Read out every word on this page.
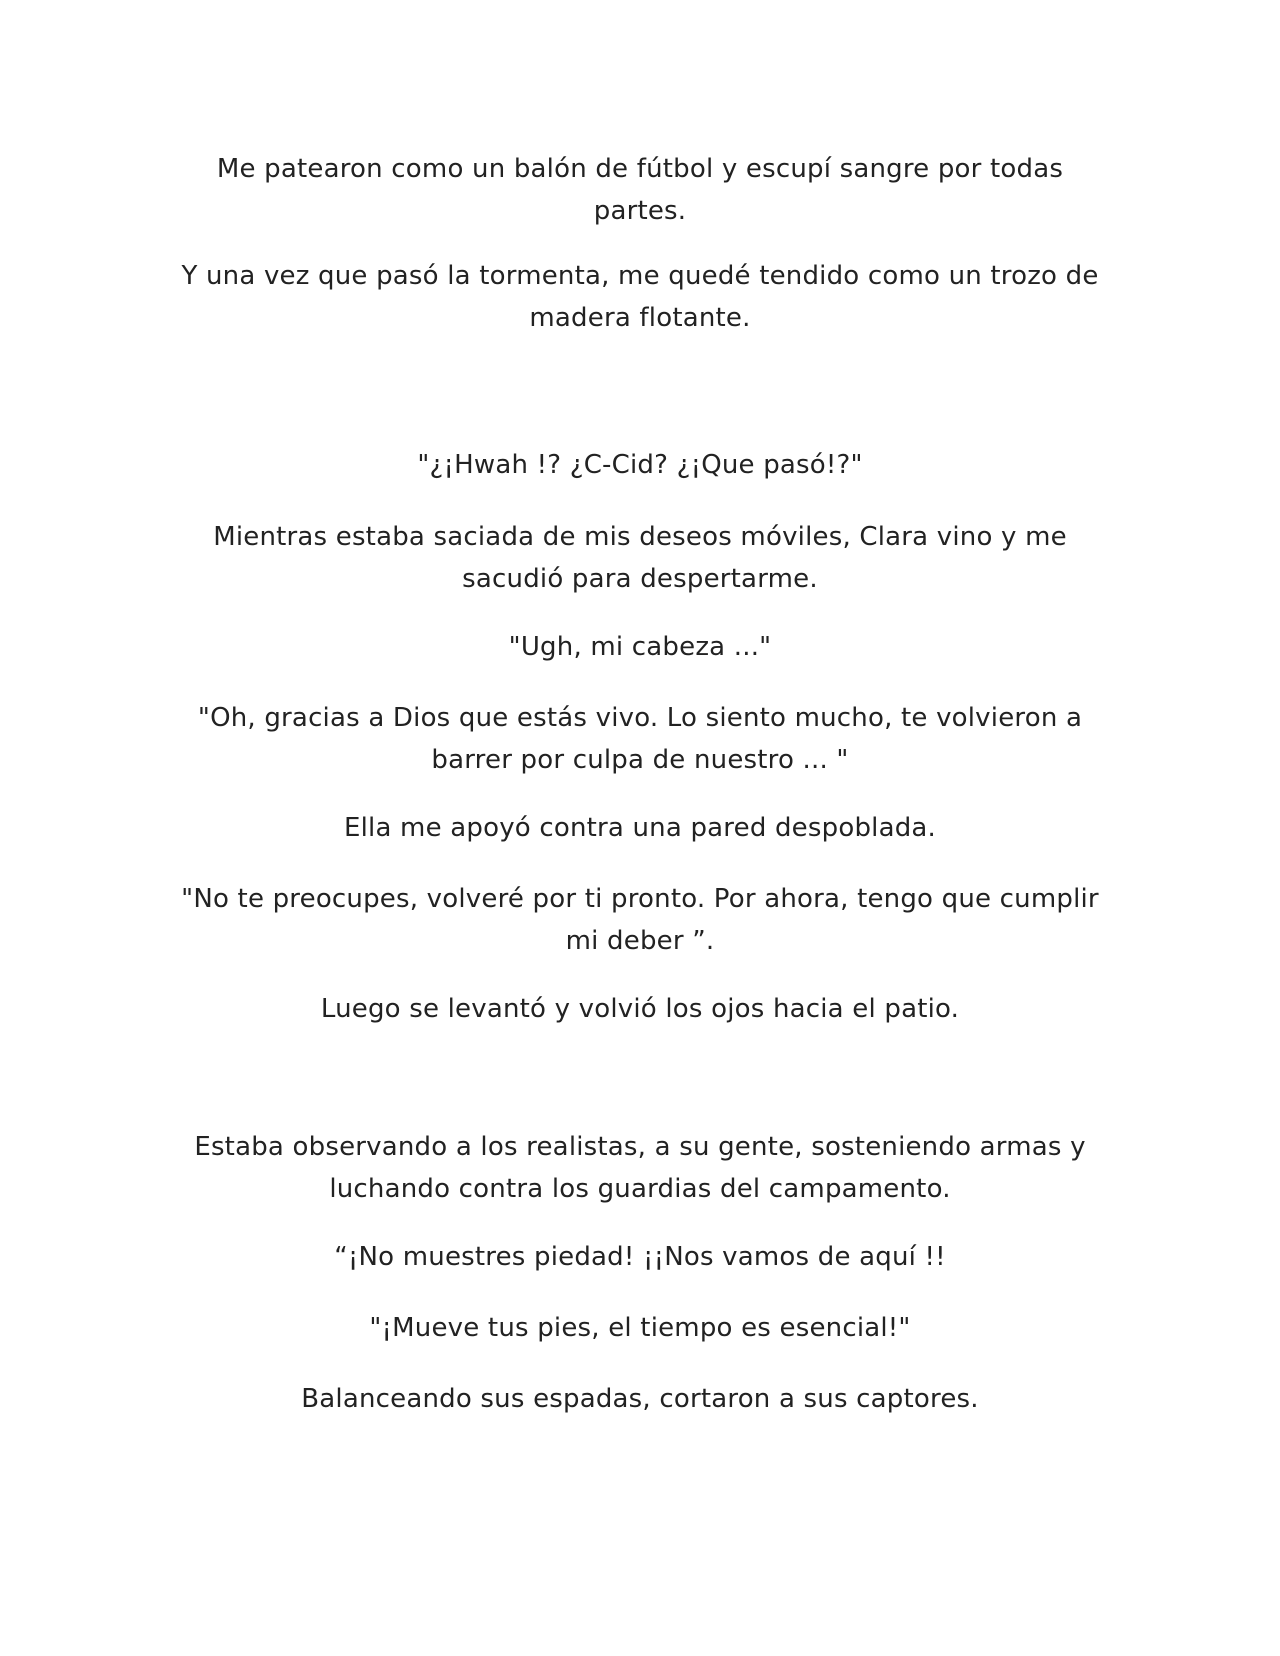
Me patearon como un balón de fútbol y escupí sangre por todas partes.

Y una vez que pasó la tormenta, me quedé tendido como un trozo de madera flotante.

"¿¡Hwah !? ¿C-Cid? ¿¡Que pasó!?"

Mientras estaba saciada de mis deseos móviles, Clara vino y me sacudió para despertarme.

"Ugh, mi cabeza ..."

"Oh, gracias a Dios que estás vivo. Lo siento mucho, te volvieron a barrer por culpa de nuestro ... "

Ella me apoyó contra una pared despoblada.

"No te preocupes, volveré por ti pronto. Por ahora, tengo que cumplir mi deber ”.

Luego se levantó y volvió los ojos hacia el patio.

Estaba observando a los realistas, a su gente, sosteniendo armas y luchando contra los guardias del campamento.

“¡No muestres piedad! ¡¡Nos vamos de aquí !!

"¡Mueve tus pies, el tiempo es esencial!"

Balanceando sus espadas, cortaron a sus captores.
